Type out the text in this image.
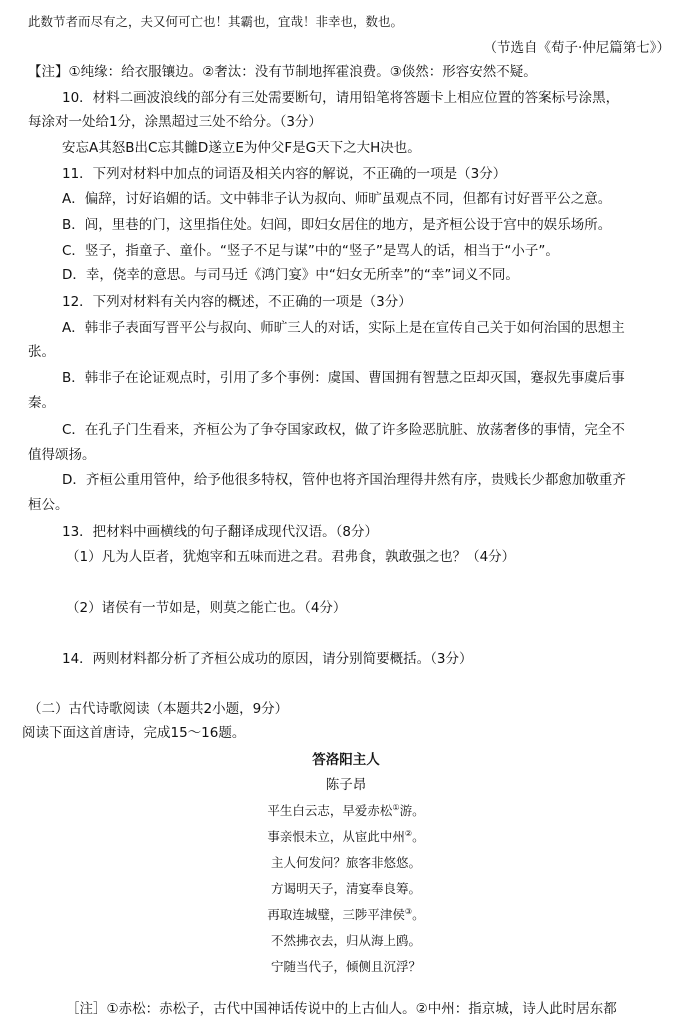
此数节者而尽有之，夫又何可亡也！其霸也，宜哉！非幸也，数也。
（节选自《荀子·仲尼篇第七》）
【注】①纯缘：给衣服镶边。②奢汰：没有节制地挥霍浪费。③倓然：形容安然不疑。
10．材料二画波浪线的部分有三处需要断句，请用铅笔将答题卡上相应位置的答案标号涂黑，
每涂对一处给1分，涂黑超过三处不给分。（3分）
安忘A其怒B出C忘其雠D遂立E为仲父F是G天下之大H决也。
11．下列对材料中加点的词语及相关内容的解说，不正确的一项是（3分）
A．偏辞，讨好谄媚的话。文中韩非子认为叔向、师旷虽观点不同，但都有讨好晋平公之意。
B．闾，里巷的门，这里指住处。妇闾，即妇女居住的地方，是齐桓公设于宫中的娱乐场所。
C．竖子，指童子、童仆。“竖子不足与谋”中的“竖子”是骂人的话，相当于“小子”。
D．幸，侥幸的意思。与司马迁《鸿门宴》中“妇女无所幸”的“幸”词义不同。
12．下列对材料有关内容的概述，不正确的一项是（3分）
A．韩非子表面写晋平公与叔向、师旷三人的对话，实际上是在宣传自己关于如何治国的思想主
张。
B．韩非子在论证观点时，引用了多个事例：虞国、曹国拥有智慧之臣却灭国，蹇叔先事虞后事
秦。
C．在孔子门生看来，齐桓公为了争夺国家政权，做了许多险恶肮脏、放荡奢侈的事情，完全不
值得颂扬。
D．齐桓公重用管仲，给予他很多特权，管仲也将齐国治理得井然有序，贵贱长少都愈加敬重齐
桓公。
13．把材料中画横线的句子翻译成现代汉语。（8分）
（1）凡为人臣者，犹炮宰和五味而进之君。君弗食，孰敢强之也？（4分）
（2）诸侯有一节如是，则莫之能亡也。（4分）
14．两则材料都分析了齐桓公成功的原因，请分别简要概括。（3分）
（二）古代诗歌阅读（本题共2小题，9分）
阅读下面这首唐诗，完成15～16题。
答洛阳主人
陈子昂
平生白云志，早爱赤松①游。
事亲恨未立，从宦此中州②。
主人何发问？旅客非悠悠。
方谒明天子，清宴奉良筹。
再取连城璧，三陟平津侯③。
不然拂衣去，归从海上鸥。
宁随当代子，倾侧且沉浮？
［注］①赤松：赤松子，古代中国神话传说中的上古仙人。②中州：指京城，诗人此时居东都
